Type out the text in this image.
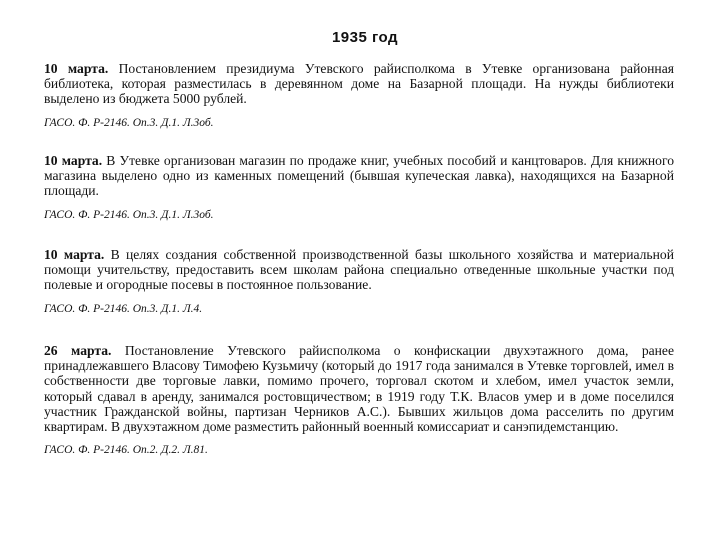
1935 год

10 марта. Постановлением президиума Утевского райисполкома в Утевке организована районная библиотека, которая разместилась в деревянном доме на Базарной площади. На нужды библиотеки выделено из бюджета 5000 рублей.

ГАСО. Ф. Р-2146. Оп.3. Д.1. Л.3об.

10 марта. В Утевке организован магазин по продаже книг, учебных пособий и канцтоваров. Для книжного магазина выделено одно из каменных помещений (бывшая купеческая лавка), находящихся на Базарной площади.

ГАСО. Ф. Р-2146. Оп.3. Д.1. Л.3об.

10 марта. В целях создания собственной производственной базы школьного хозяйства и материальной помощи учительству, предоставить всем школам района специально отведенные школьные участки под полевые и огородные посевы в постоянное пользование.

ГАСО. Ф. Р-2146. Оп.3. Д.1. Л.4.

26 марта. Постановление Утевского райисполкома о конфискации двухэтажного дома, ранее принадлежавшего Власову Тимофею Кузьмичу (который до 1917 года занимался в Утевке торговлей, имел в собственности две торговые лавки, помимо прочего, торговал скотом и хлебом, имел участок земли, который сдавал в аренду, занимался ростовщичеством; в 1919 году Т.К. Власов умер и в доме поселился участник Гражданской войны, партизан Черников А.С.). Бывших жильцов дома расселить по другим квартирам. В двухэтажном доме разместить районный военный комиссариат и санэпидемстанцию.

ГАСО. Ф. Р-2146. Оп.2. Д.2. Л.81.
